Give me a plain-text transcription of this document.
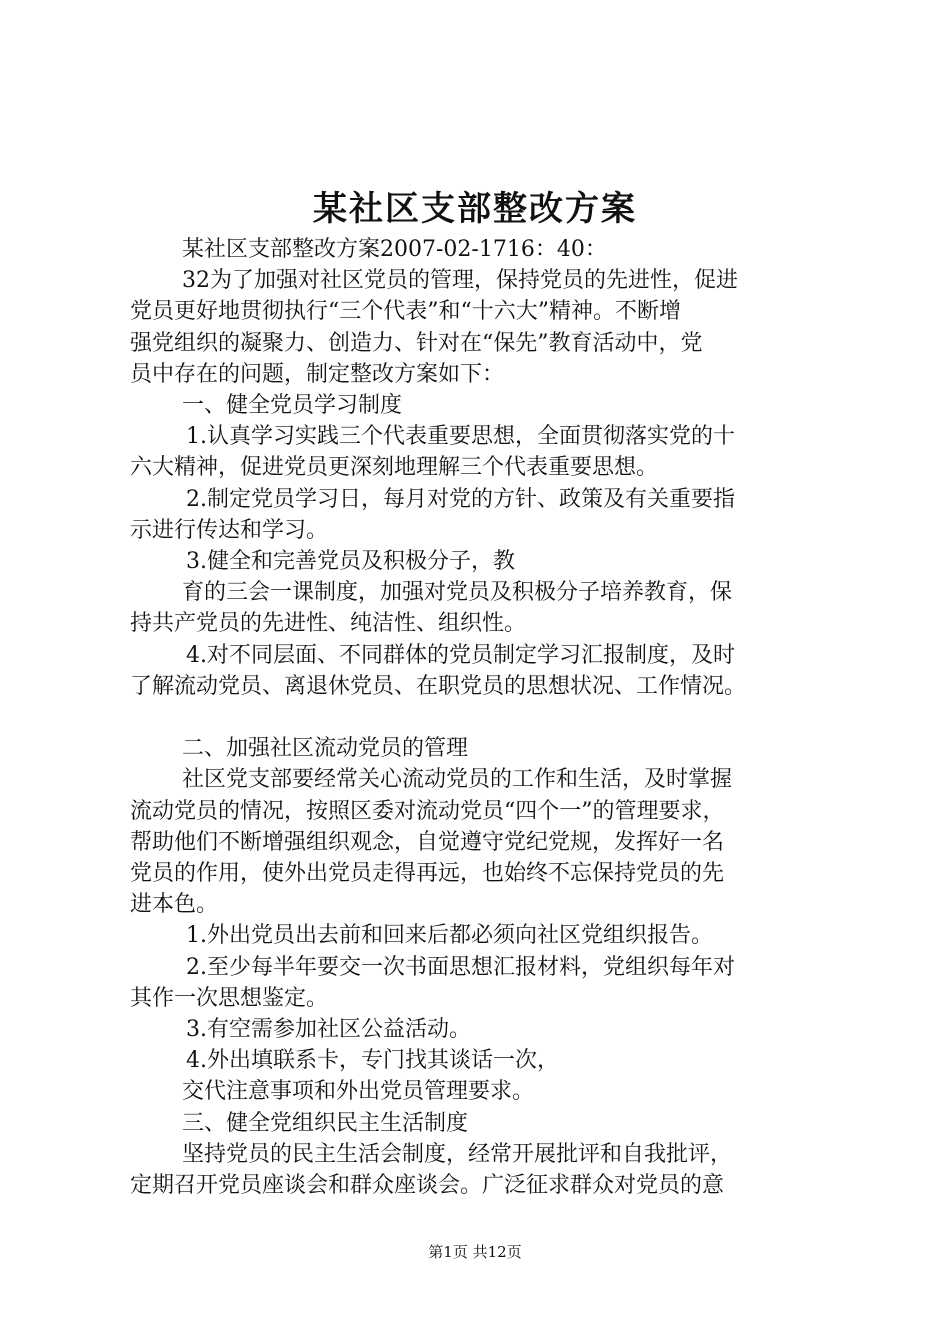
某社区支部整改方案

某社区支部整改方案2007-02-1716：40：

32为了加强对社区党员的管理，保持党员的先进性，促进

党员更好地贯彻执行“三个代表”和“十六大”精神。不断增

强党组织的凝聚力、创造力、针对在“保先”教育活动中，党

员中存在的问题，制定整改方案如下：

一、健全党员学习制度

1.认真学习实践三个代表重要思想，全面贯彻落实党的十

六大精神，促进党员更深刻地理解三个代表重要思想。

2.制定党员学习日，每月对党的方针、政策及有关重要指

示进行传达和学习。

3.健全和完善党员及积极分子，教

育的三会一课制度，加强对党员及积极分子培养教育，保

持共产党员的先进性、纯洁性、组织性。

4.对不同层面、不同群体的党员制定学习汇报制度，及时

了解流动党员、离退休党员、在职党员的思想状况、工作情况。

二、加强社区流动党员的管理

社区党支部要经常关心流动党员的工作和生活，及时掌握

流动党员的情况，按照区委对流动党员“四个一”的管理要求，

帮助他们不断增强组织观念，自觉遵守党纪党规，发挥好一名

党员的作用，使外出党员走得再远，也始终不忘保持党员的先

进本色。

1.外出党员出去前和回来后都必须向社区党组织报告。

2.至少每半年要交一次书面思想汇报材料，党组织每年对

其作一次思想鉴定。

3.有空需参加社区公益活动。

4.外出填联系卡，专门找其谈话一次，

交代注意事项和外出党员管理要求。

三、健全党组织民主生活制度

坚持党员的民主生活会制度，经常开展批评和自我批评，

定期召开党员座谈会和群众座谈会。广泛征求群众对党员的意

第1页 共12页
